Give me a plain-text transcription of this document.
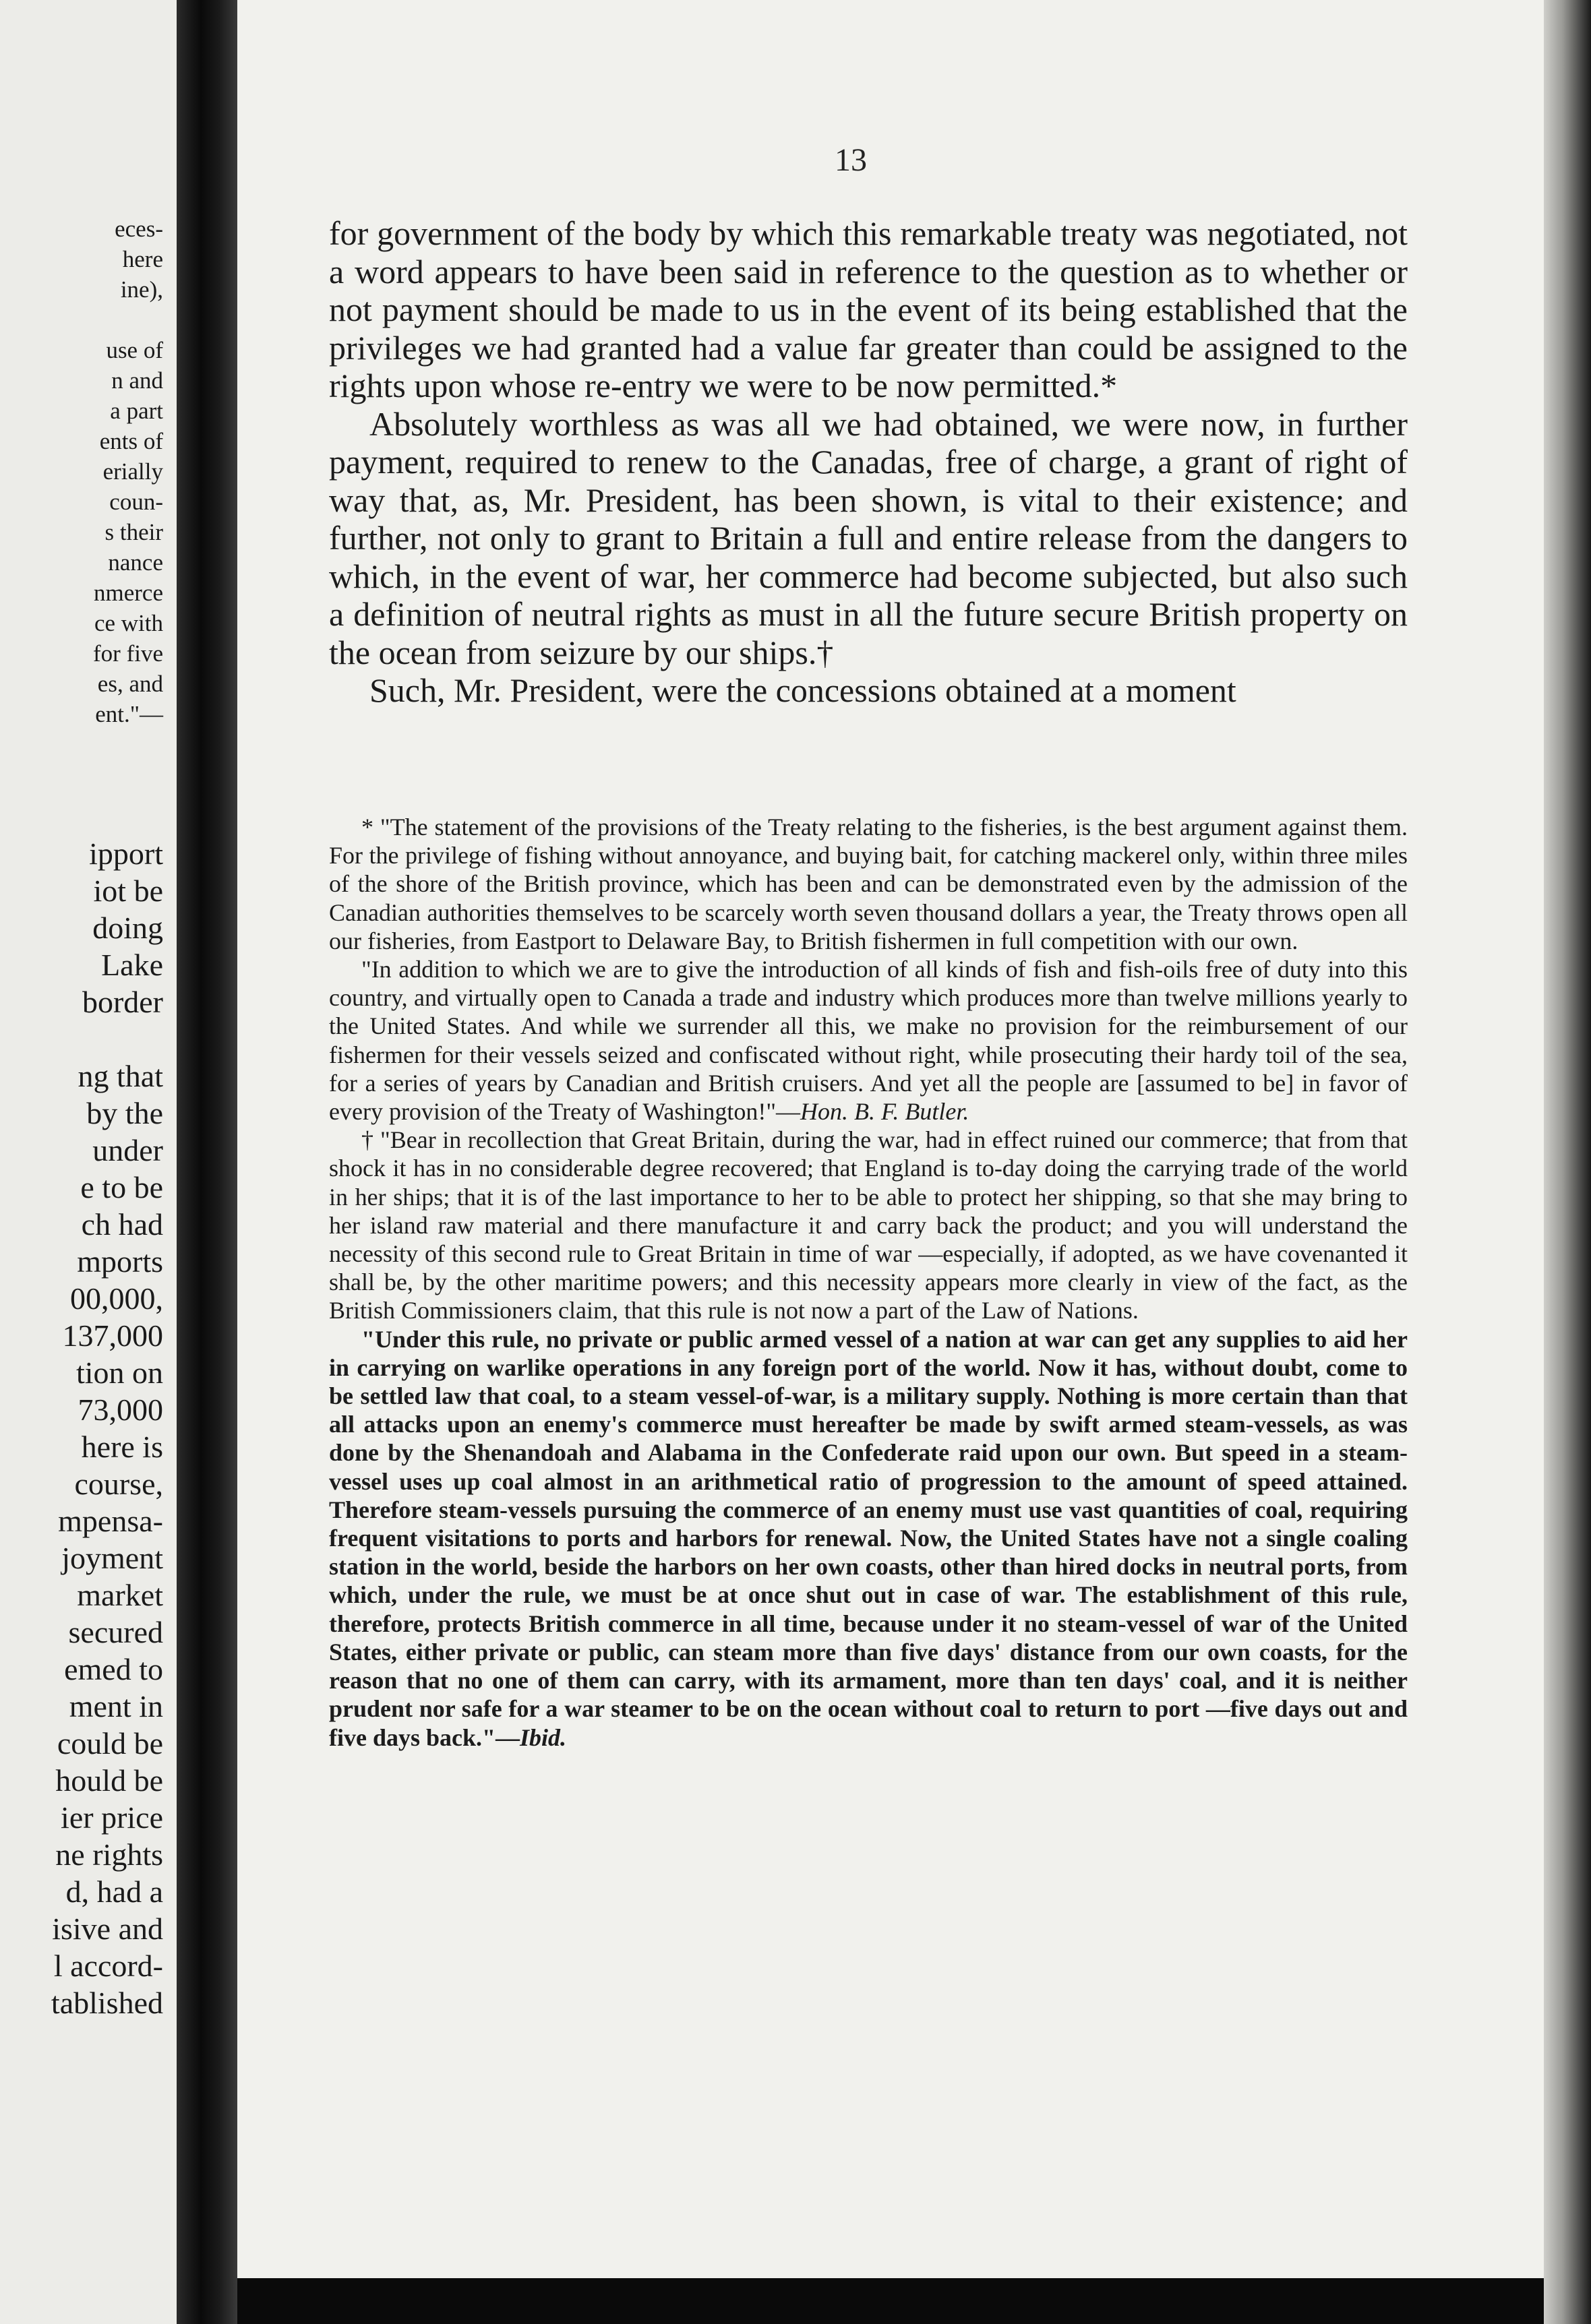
eces-
here
ine),
use of
n and
a part
ents of
erially
coun-
s their
nance
nmerce
ce with
for five
es, and
ent."—
ipport
iot be
doing
Lake
border
ng that
by the
under
e to be
ch had
mports
00,000,
137,000
tion on
73,000
here is
course,
mpensa-
joyment
market
secured
emed to
ment in
could be
hould be
ier price
ne rights
d, had a
isive and
l accord-
tablished
13

for government of the body by which this remarkable treaty was negotiated, not a word appears to have been said in reference to the question as to whether or not payment should be made to us in the event of its being established that the privileges we had granted had a value far greater than could be assigned to the rights upon whose re-entry we were to be now permitted.*

Absolutely worthless as was all we had obtained, we were now, in further payment, required to renew to the Canadas, free of charge, a grant of right of way that, as, Mr. President, has been shown, is vital to their existence; and further, not only to grant to Britain a full and entire release from the dangers to which, in the event of war, her commerce had become subjected, but also such a definition of neutral rights as must in all the future secure British property on the ocean from seizure by our ships.†

Such, Mr. President, were the concessions obtained at a moment

* "The statement of the provisions of the Treaty relating to the fisheries, is the best argument against them. For the privilege of fishing without annoyance, and buying bait, for catching mackerel only, within three miles of the shore of the British province, which has been and can be demonstrated even by the admission of the Canadian authorities themselves to be scarcely worth seven thousand dollars a year, the Treaty throws open all our fisheries, from Eastport to Delaware Bay, to British fishermen in full competition with our own.

"In addition to which we are to give the introduction of all kinds of fish and fish-oils free of duty into this country, and virtually open to Canada a trade and industry which produces more than twelve millions yearly to the United States. And while we surrender all this, we make no provision for the reimbursement of our fishermen for their vessels seized and confiscated without right, while prosecuting their hardy toil of the sea, for a series of years by Canadian and British cruisers. And yet all the people are [assumed to be] in favor of every provision of the Treaty of Washington!"—Hon. B. F. Butler.

† "Bear in recollection that Great Britain, during the war, had in effect ruined our commerce; that from that shock it has in no considerable degree recovered; that England is to-day doing the carrying trade of the world in her ships; that it is of the last importance to her to be able to protect her shipping, so that she may bring to her island raw material and there manufacture it and carry back the product; and you will understand the necessity of this second rule to Great Britain in time of war —especially, if adopted, as we have covenanted it shall be, by the other maritime powers; and this necessity appears more clearly in view of the fact, as the British Commissioners claim, that this rule is not now a part of the Law of Nations.

"Under this rule, no private or public armed vessel of a nation at war can get any supplies to aid her in carrying on warlike operations in any foreign port of the world. Now it has, without doubt, come to be settled law that coal, to a steam vessel-of-war, is a military supply. Nothing is more certain than that all attacks upon an enemy's commerce must hereafter be made by swift armed steam-vessels, as was done by the Shenandoah and Alabama in the Confederate raid upon our own. But speed in a steam-vessel uses up coal almost in an arithmetical ratio of progression to the amount of speed attained. Therefore steam-vessels pursuing the commerce of an enemy must use vast quantities of coal, requiring frequent visitations to ports and harbors for renewal. Now, the United States have not a single coaling station in the world, beside the harbors on her own coasts, other than hired docks in neutral ports, from which, under the rule, we must be at once shut out in case of war. The establishment of this rule, therefore, protects British commerce in all time, because under it no steam-vessel of war of the United States, either private or public, can steam more than five days' distance from our own coasts, for the reason that no one of them can carry, with its armament, more than ten days' coal, and it is neither prudent nor safe for a war steamer to be on the ocean without coal to return to port —five days out and five days back."—Ibid.
